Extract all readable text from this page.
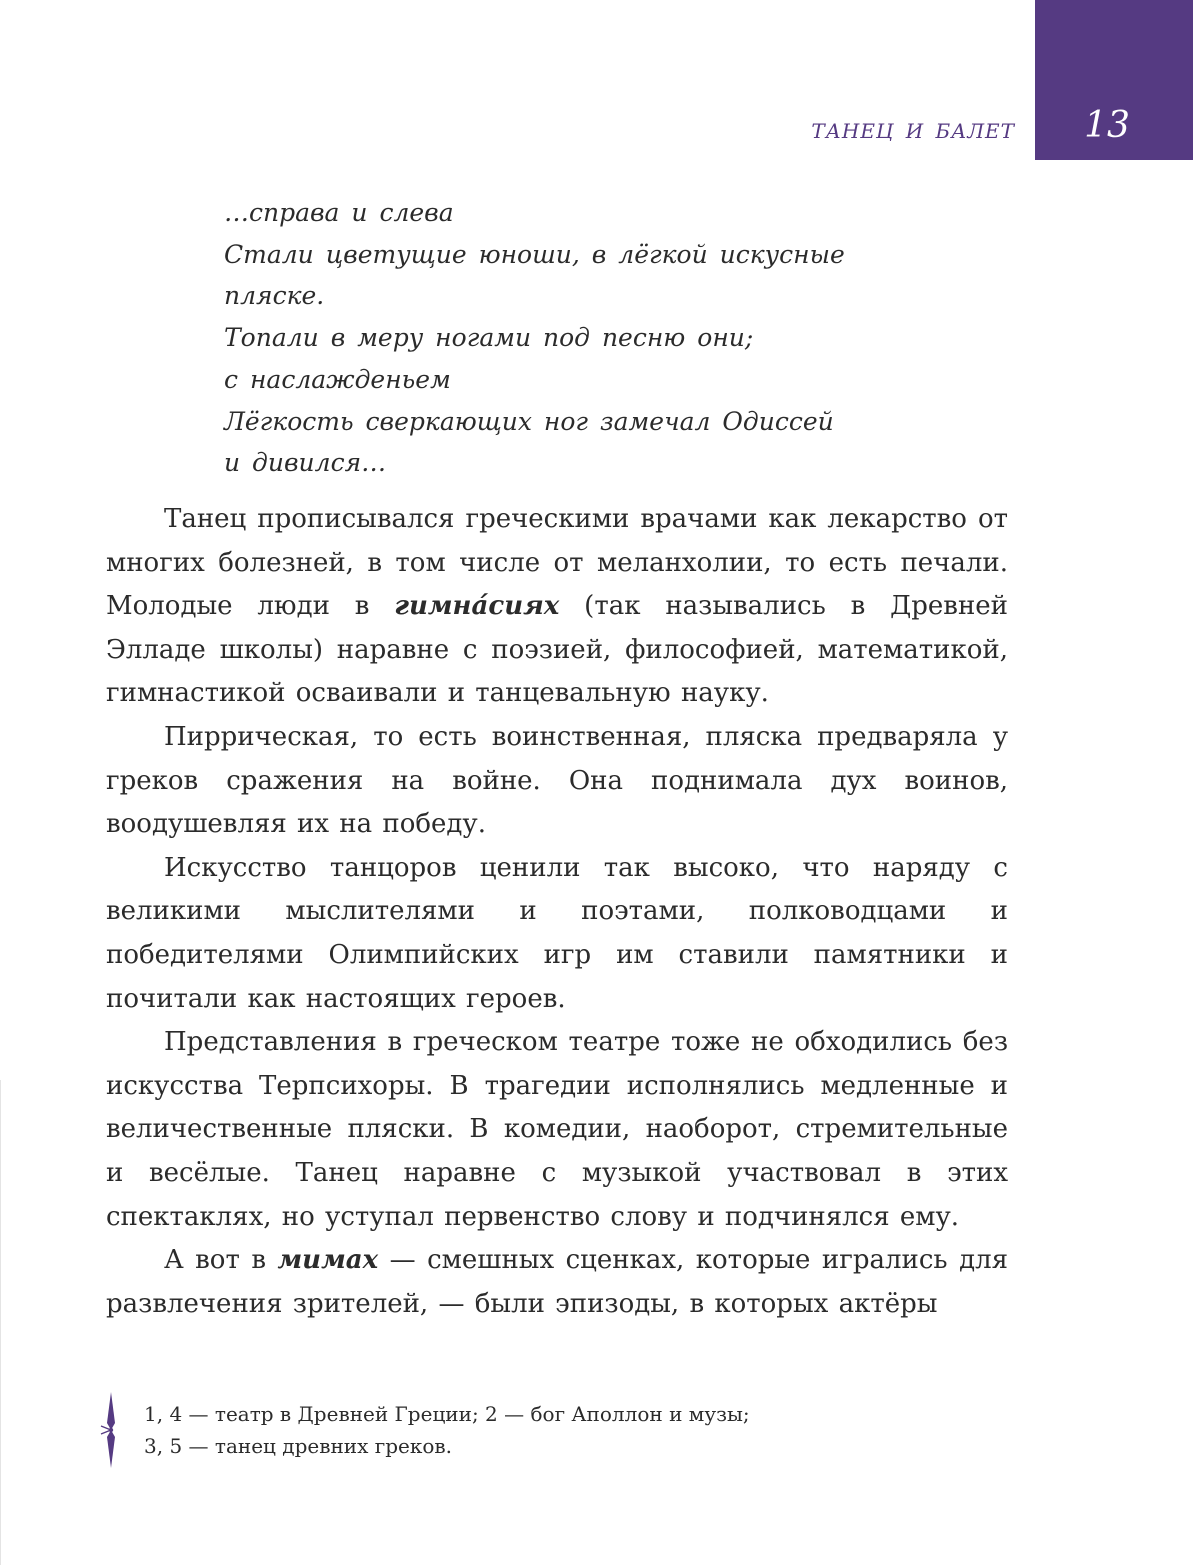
13
ТАНЕЦ И БАЛЕТ
…справа и слева
Стали цветущие юноши, в лёгкой искусные
пляске.
Топали в меру ногами под песню они;
с наслажденьем
Лёгкость сверкающих ног замечал Одиссей
и дивился…

Танец прописывался греческими врачами как лекарство от многих болезней, в том числе от меланхолии, то есть печали. Молодые люди в гимна́сиях (так назывались в Древней Элладе школы) наравне с поэзией, философией, математикой, гимнастикой осваивали и танцевальную науку.

Пиррическая, то есть воинственная, пляска предваряла у греков сражения на войне. Она поднимала дух воинов, воодушевляя их на победу.

Искусство танцоров ценили так высоко, что наряду с великими мыслителями и поэтами, полководцами и победителями Олимпийских игр им ставили памятники и почитали как настоящих героев.

Представления в греческом театре тоже не обходились без искусства Терпсихоры. В трагедии исполнялись медленные и величественные пляски. В комедии, наоборот, стремительные и весёлые. Танец наравне с музыкой участвовал в этих спектаклях, но уступал первенство слову и подчинялся ему.

А вот в мимах — смешных сценках, которые игрались для развлечения зрителей, — были эпизоды, в которых актёры

1, 4 — театр в Древней Греции; 2 — бог Аполлон и музы;
3, 5 — танец древних греков.
